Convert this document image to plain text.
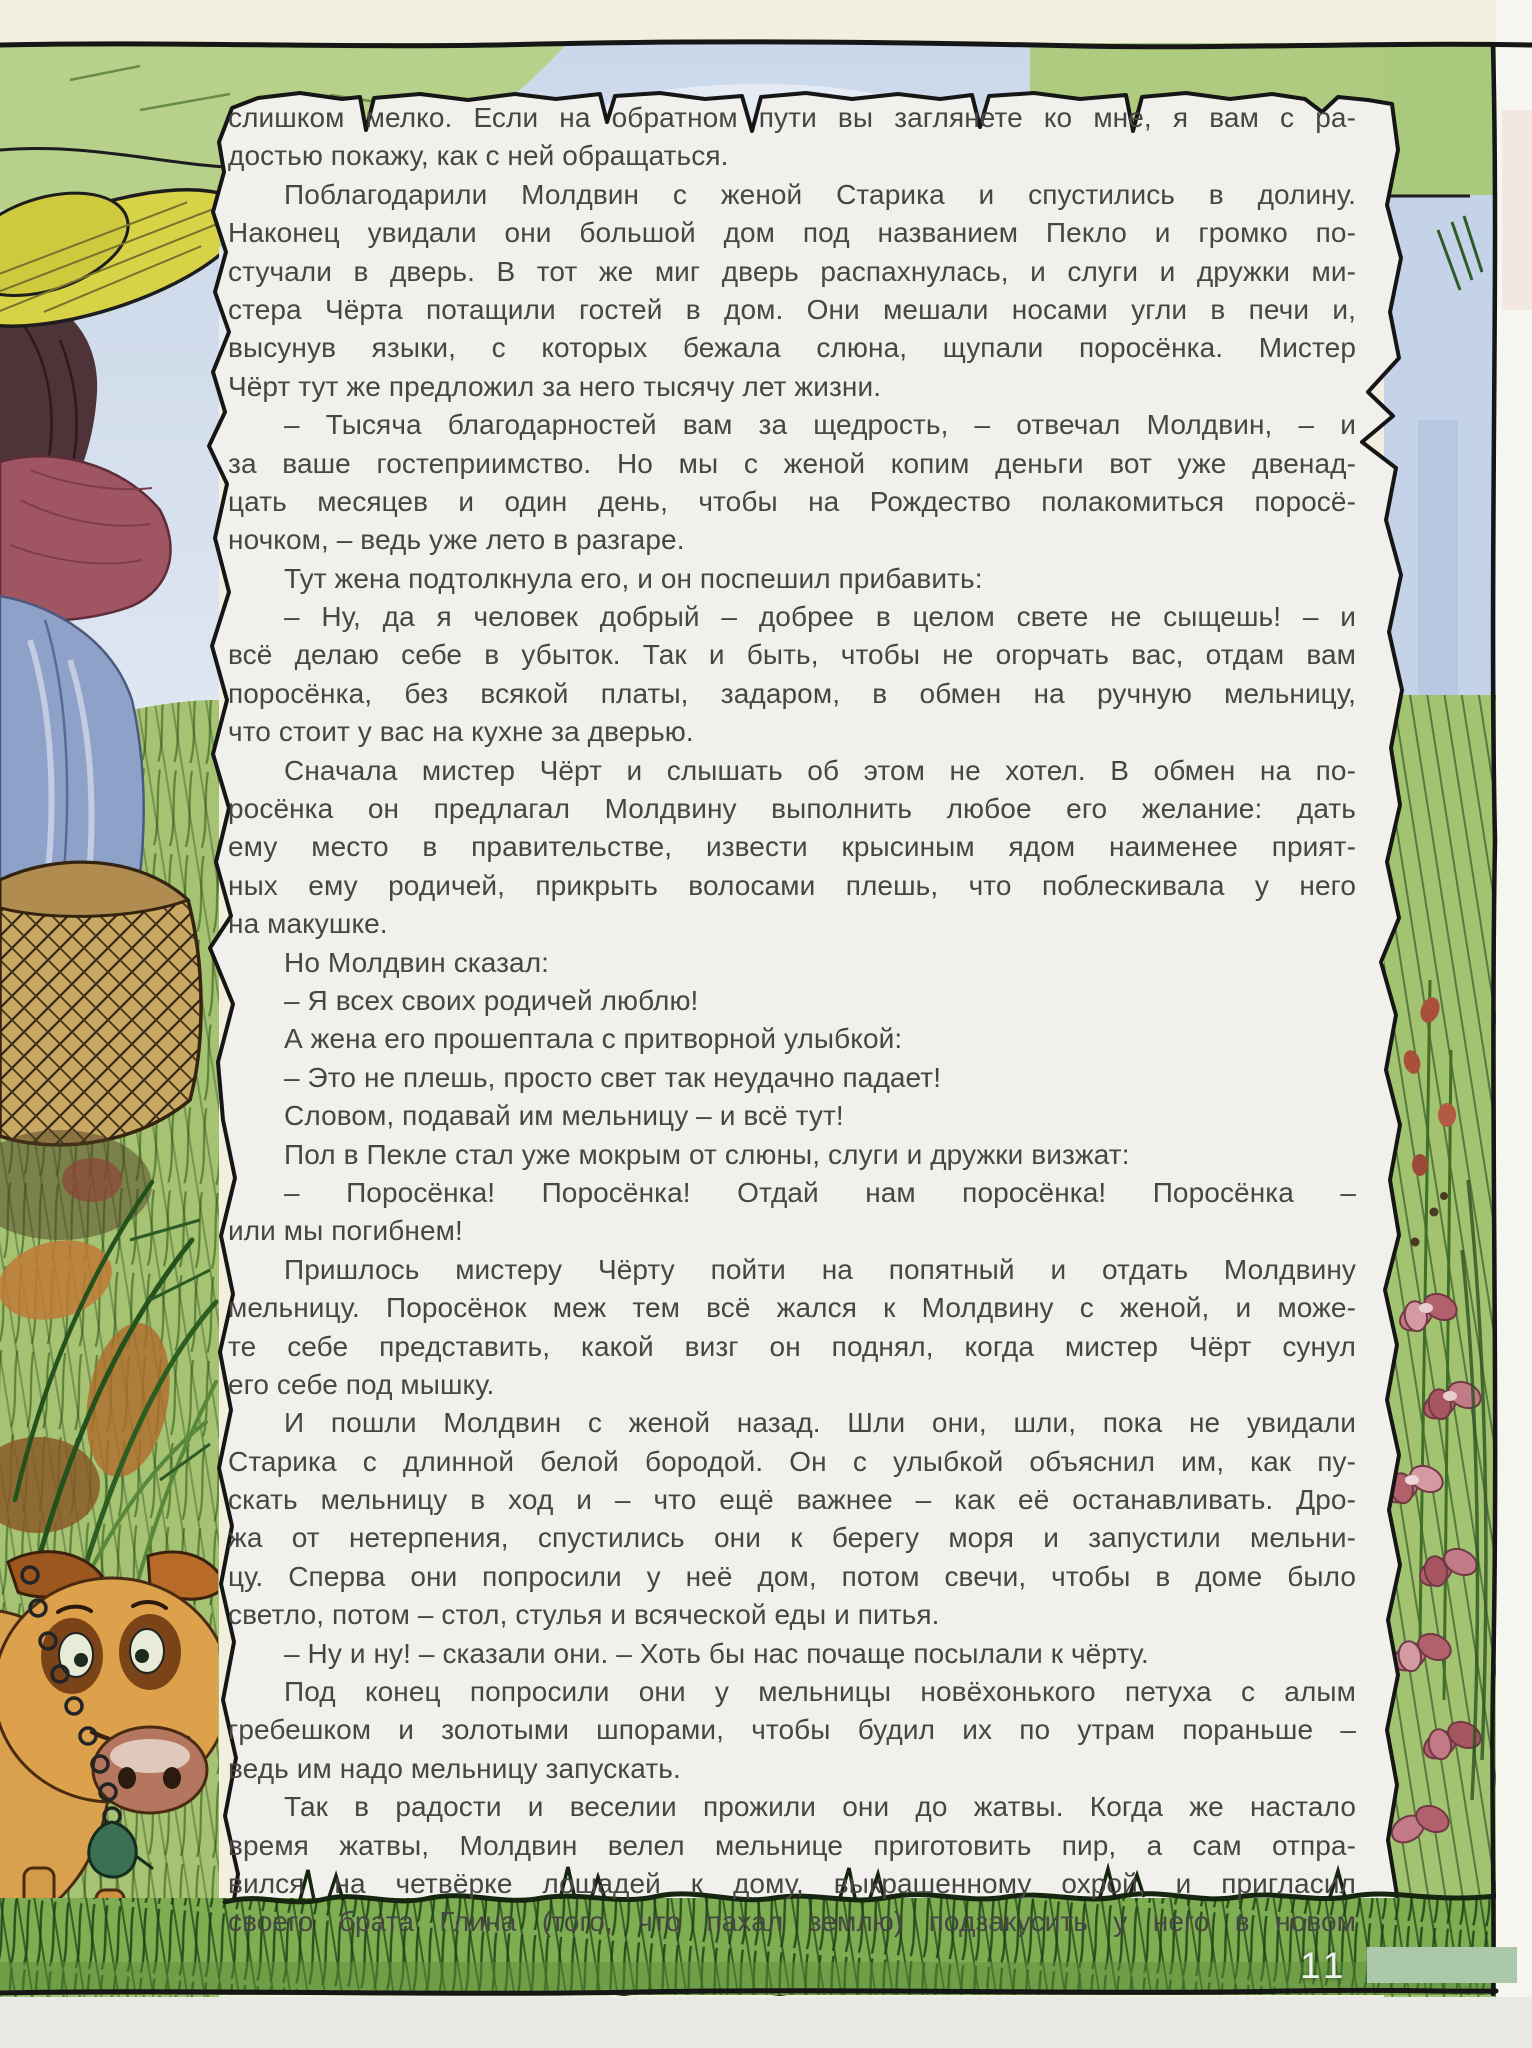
слишком мелко. Если на обратном пути вы заглянете ко мне, я вам с ра-
достью покажу, как с ней обращаться.
Поблагодарили Молдвин с женой Старика и спустились в долину.
Наконец увидали они большой дом под названием Пекло и громко по-
стучали в дверь. В тот же миг дверь распахнулась, и слуги и дружки ми-
стера Чёрта потащили гостей в дом. Они мешали носами угли в печи и,
высунув языки, с которых бежала слюна, щупали поросёнка. Мистер
Чёрт тут же предложил за него тысячу лет жизни.
– Тысяча благодарностей вам за щедрость, – отвечал Молдвин, – и
за ваше гостеприимство. Но мы с женой копим деньги вот уже двенад-
цать месяцев и один день, чтобы на Рождество полакомиться поросё-
ночком, – ведь уже лето в разгаре.
Тут жена подтолкнула его, и он поспешил прибавить:
– Ну, да я человек добрый – добрее в целом свете не сыщешь! – и
всё делаю себе в убыток. Так и быть, чтобы не огорчать вас, отдам вам
поросёнка, без всякой платы, задаром, в обмен на ручную мельницу,
что стоит у вас на кухне за дверью.
Сначала мистер Чёрт и слышать об этом не хотел. В обмен на по-
росёнка он предлагал Молдвину выполнить любое его желание: дать
ему место в правительстве, извести крысиным ядом наименее прият-
ных ему родичей, прикрыть волосами плешь, что поблескивала у него
на макушке.
Но Молдвин сказал:
– Я всех своих родичей люблю!
А жена его прошептала с притворной улыбкой:
– Это не плешь, просто свет так неудачно падает!
Словом, подавай им мельницу – и всё тут!
Пол в Пекле стал уже мокрым от слюны, слуги и дружки визжат:
– Поросёнка! Поросёнка! Отдай нам поросёнка! Поросёнка –
или мы погибнем!
Пришлось мистеру Чёрту пойти на попятный и отдать Молдвину
мельницу. Поросёнок меж тем всё жался к Молдвину с женой, и може-
те себе представить, какой визг он поднял, когда мистер Чёрт сунул
его себе под мышку.
И пошли Молдвин с женой назад. Шли они, шли, пока не увидали
Старика с длинной белой бородой. Он с улыбкой объяснил им, как пу-
скать мельницу в ход и – что ещё важнее – как её останавливать. Дро-
жа от нетерпения, спустились они к берегу моря и запустили мельни-
цу. Сперва они попросили у неё дом, потом свечи, чтобы в доме было
светло, потом – стол, стулья и всяческой еды и питья.
– Ну и ну! – сказали они. – Хоть бы нас почаще посылали к чёрту.
Под конец попросили они у мельницы новёхонького петуха с алым
гребешком и золотыми шпорами, чтобы будил их по утрам пораньше –
ведь им надо мельницу запускать.
Так в радости и веселии прожили они до жатвы. Когда же настало
время жатвы, Молдвин велел мельнице приготовить пир, а сам отпра-
вился на четвёрке лошадей к дому, выкрашенному охрой, и пригласил
своего брата Глина (того, что пахал землю) подзакусить у него в новом
11
